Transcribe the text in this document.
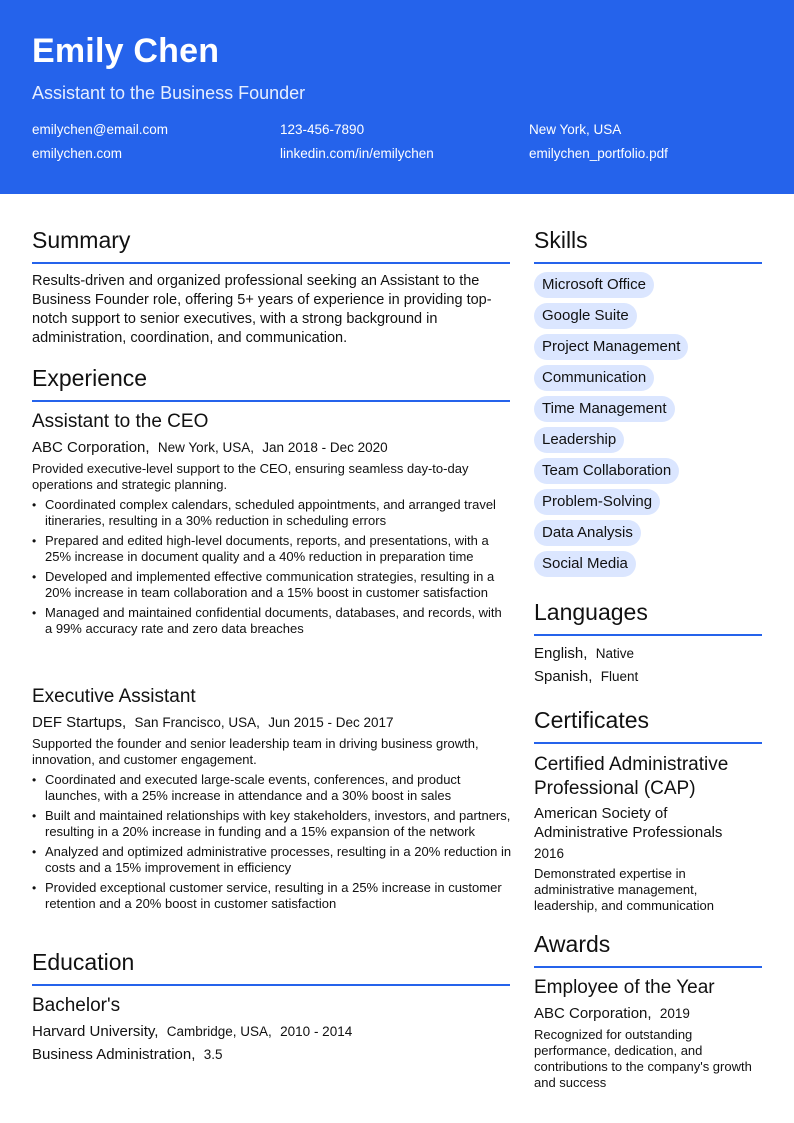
Emily Chen
Assistant to the Business Founder
emilychen@email.com	123-456-7890	New York, USA
emilychen.com	linkedin.com/in/emilychen	emilychen_portfolio.pdf
Summary
Results-driven and organized professional seeking an Assistant to the Business Founder role, offering 5+ years of experience in providing top-notch support to senior executives, with a strong background in administration, coordination, and communication.
Experience
Assistant to the CEO
ABC Corporation, New York, USA, Jan 2018 - Dec 2020
Provided executive-level support to the CEO, ensuring seamless day-to-day operations and strategic planning.
• Coordinated complex calendars, scheduled appointments, and arranged travel itineraries, resulting in a 30% reduction in scheduling errors
• Prepared and edited high-level documents, reports, and presentations, with a 25% increase in document quality and a 40% reduction in preparation time
• Developed and implemented effective communication strategies, resulting in a 20% increase in team collaboration and a 15% boost in customer satisfaction
• Managed and maintained confidential documents, databases, and records, with a 99% accuracy rate and zero data breaches
Executive Assistant
DEF Startups, San Francisco, USA, Jun 2015 - Dec 2017
Supported the founder and senior leadership team in driving business growth, innovation, and customer engagement.
• Coordinated and executed large-scale events, conferences, and product launches, with a 25% increase in attendance and a 30% boost in sales
• Built and maintained relationships with key stakeholders, investors, and partners, resulting in a 20% increase in funding and a 15% expansion of the network
• Analyzed and optimized administrative processes, resulting in a 20% reduction in costs and a 15% improvement in efficiency
• Provided exceptional customer service, resulting in a 25% increase in customer retention and a 20% boost in customer satisfaction
Education
Bachelor's
Harvard University, Cambridge, USA, 2010 - 2014
Business Administration, 3.5
Skills
Microsoft Office
Google Suite
Project Management
Communication
Time Management
Leadership
Team Collaboration
Problem-Solving
Data Analysis
Social Media
Languages
English, Native
Spanish, Fluent
Certificates
Certified Administrative Professional (CAP)
American Society of Administrative Professionals
2016
Demonstrated expertise in administrative management, leadership, and communication
Awards
Employee of the Year
ABC Corporation, 2019
Recognized for outstanding performance, dedication, and contributions to the company's growth and success
